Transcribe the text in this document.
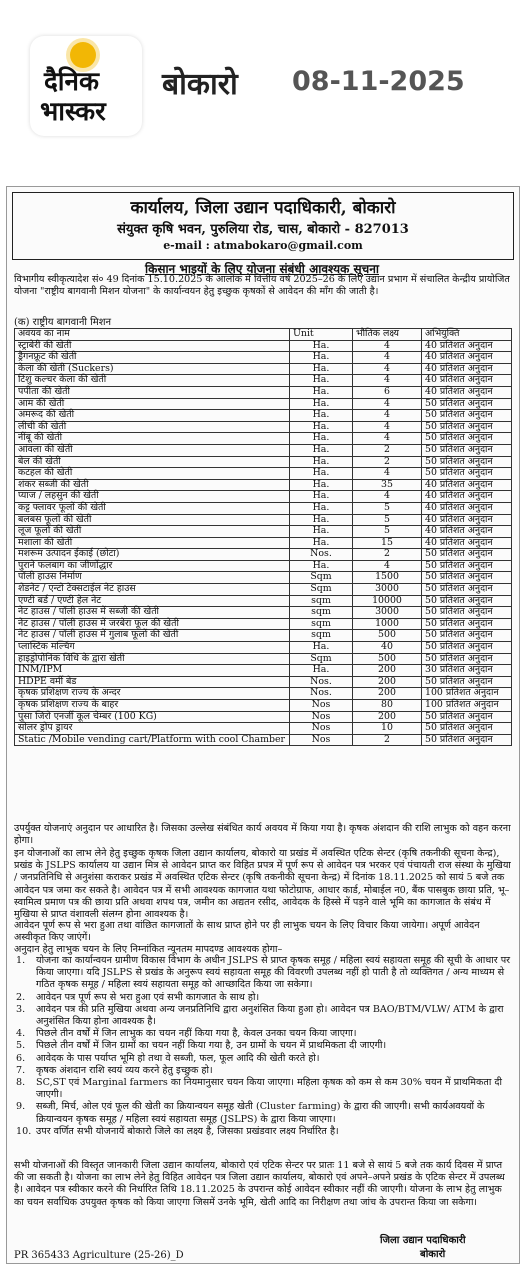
दैनिक
भास्कर
बोकारो 08-11-2025
कार्यालय, जिला उद्यान पदाधिकारी, बोकारो
संयुक्त कृषि भवन, पुरुलिया रोड, चास, बोकारो - 827013
e-mail : atmabokaro@gmail.com
किसान भाइयों के लिए योजना संबंधी आवश्यक सूचना
विभागीय स्वीकृत्यादेश सं० 49 दिनांक 15.10.2025 के आलोक में वित्तीय वर्ष 2025–26 के लिए उद्यान प्रभाग में संचालित केन्द्रीय प्रायोजित योजना "राष्ट्रीय बागवानी मिशन योजना" के कार्यान्वयन हेतु इच्छुक कृषकों से आवेदन की माँग की जाती है।
(क) राष्ट्रीय बागवानी मिशन
अवयव का नाम	Unit	भौतिक लक्ष्य	अभियुक्ति
स्ट्राबेरी की खेती	Ha.	4	40 प्रतिशत अनुदान
ड्रैगनफ्रूट की खेती	Ha.	4	40 प्रतिशत अनुदान
केला की खेती (Suckers)	Ha.	4	40 प्रतिशत अनुदान
टिशु कल्चर केला की खेती	Ha.	4	40 प्रतिशत अनुदान
पपीता की खेती	Ha.	6	40 प्रतिशत अनुदान
आम की खेती	Ha.	4	50 प्रतिशत अनुदान
अमरूद की खेती	Ha.	4	50 प्रतिशत अनुदान
लीची की खेती	Ha.	4	50 प्रतिशत अनुदान
नींबू की खेती	Ha.	4	50 प्रतिशत अनुदान
आंवला की खेती	Ha.	2	50 प्रतिशत अनुदान
बेल की खेती	Ha.	2	50 प्रतिशत अनुदान
कटहल की खेती	Ha.	4	50 प्रतिशत अनुदान
शंकर सब्जी की खेती	Ha.	35	40 प्रतिशत अनुदान
प्याज / लहसुन की खेती	Ha.	4	40 प्रतिशत अनुदान
कट्ट फ्लावर फूलों की खेती	Ha.	5	40 प्रतिशत अनुदान
बलबस फूलों की खेती	Ha.	5	40 प्रतिशत अनुदान
लूज फूलों की खेती	Ha.	5	40 प्रतिशत अनुदान
मशाला की खेती	Ha.	15	40 प्रतिशत अनुदान
मशरूम उत्पादन ईकाई (छोटा)	Nos.	2	50 प्रतिशत अनुदान
पुराने फलबाग का जीर्णोद्धार	Ha.	4	50 प्रतिशत अनुदान
पॉली हाउस निर्माण	Sqm	1500	50 प्रतिशत अनुदान
शेडनेट / एन्टो टेक्सटाईल नेट हाउस	Sqm	3000	50 प्रतिशत अनुदान
एण्टी बर्ड / एण्टी हेल नेट	sqm	10000	50 प्रतिशत अनुदान
नेट हाउस / पॉली हाउस में सब्जी की खेती	sqm	3000	50 प्रतिशत अनुदान
नेट हाउस / पॉली हाउस में जरबेरा फूल की खेती	sqm	1000	50 प्रतिशत अनुदान
नेट हाउस / पॉली हाउस में गुलाब फूलों की खेती	sqm	500	50 प्रतिशत अनुदान
प्लास्टिक मल्चिंग	Ha.	40	50 प्रतिशत अनुदान
हाइड्रोपोनिक विधि के द्वारा खेती	Sqm	500	50 प्रतिशत अनुदान
INM/IPM	Ha.	200	30 प्रतिशत अनुदान
HDPE वर्मी बेड	Nos.	200	50 प्रतिशत अनुदान
कृषक प्रशिक्षण राज्य के अन्दर	Nos.	200	100 प्रतिशत अनुदान
कृषक प्रशिक्षण राज्य के बाहर	Nos	80	100 प्रतिशत अनुदान
पुसा जिरो एनर्जी कूल चेम्बर (100 KG)	Nos	200	50 प्रतिशत अनुदान
सोलर ड्रोप ड्रायर	Nos	10	50 प्रतिशत अनुदान
Static /Mobile vending cart/Platform with cool Chamber	Nos	2	50 प्रतिशत अनुदान
उपर्युक्त योजनाएं अनुदान पर आधारित है। जिसका उल्लेख संबंधित कार्य अवयव में किया गया है। कृषक अंशदान की राशि लाभुक को वहन करना होगा।
इन योजनाओं का लाभ लेने हेतु इच्छुक कृषक जिला उद्यान कार्यालय, बोकारो या प्रखंड में अवस्थित एटिक सेन्टर (कृषि तकनीकी सूचना केन्द्र), प्रखंड के JSLPS कार्यालय या उद्यान मित्र से आवेदन प्राप्त कर विहित प्रपत्र में पूर्ण रूप से आवेदन पत्र भरकर एवं पंचायती राज संस्था के मुखिया / जनप्रतिनिधि से अनुशंसा कराकर प्रखंड में अवस्थित एटिक सेन्टर (कृषि तकनीकी सूचना केन्द्र) में दिनांक 18.11.2025 को सायं 5 बजे तक आवेदन पत्र जमा कर सकते है। आवेदन पत्र में सभी आवश्यक कागजात यथा फोटोग्राफ, आधार कार्ड, मोबाईल न0, बैंक पासबुक छाया प्रति, भू– स्वामित्व प्रमाण पत्र की छाया प्रति अथवा शपथ पत्र, जमीन का अद्यतन रसीद, आवेदक के हिस्से में पड़ने वाले भूमि का कागजात के संबंध में मुखिया से प्राप्त वंशावली संलग्न होना आवश्यक है।
आवेदन पूर्ण रूप से भरा हुआ तथा वांछित कागजातों के साथ प्राप्त होने पर ही लाभुक चयन के लिए विचार किया जायेगा। अपूर्ण आवेदन अस्वीकृत किए जाएंगें।
अनुदान हेतु लाभुक चयन के लिए निम्नांकित न्यूनतम मापदण्ड आवश्यक होगा–
1. योजना का कार्यान्वयन ग्रामीण विकास विभाग के अधीन JSLPS से प्राप्त कृषक समूह / महिला स्वयं सहायता समूह की सूची के आधार पर किया जाएगा। यदि JSLPS से प्रखंड के अनुरूप स्वयं सहायता समूह की विवरणी उपलब्ध नहीं हो पाती है तो व्यक्तिगत / अन्य माध्यम से गठित कृषक समूह / महिला स्वयं सहायता समूह को आच्छादित किया जा सकेगा।
2. आवेदन पत्र पूर्ण रूप से भरा हुआ एवं सभी कागजात के साथ हो।
3. आवेदन पत्र की प्रति मुखिया अथवा अन्य जनप्रतिनिधि द्वारा अनुशंसित किया हुआ हो। आवेदन पत्र BAO/BTM/VLW/ ATM के द्वारा अनुशंसित किया होना आवश्यक है।
4. पिछले तीन वर्षों में जिन लाभुक का चयन नहीं किया गया है, केवल उनका चयन किया जाएगा।
5. पिछले तीन वर्षों में जिन ग्रामों का चयन नहीं किया गया है, उन ग्रामों के चयन में प्राथमिकता दी जाएगी।
6. आवेदक के पास पर्याप्त भूमि हो तथा वे सब्जी, फल, फूल आदि की खेती करते हो।
7. कृषक अंशदान राशि स्वयं व्यय करने हेतु इच्छुक हो।
8. SC,ST एवं Marginal farmers का नियमानुसार चयन किया जाएगा। महिला कृषक को कम से कम 30% चयन में प्राथमिकता दी जाएगी।
9. सब्जी, मिर्च, ओल एवं फूल की खेती का क्रियान्वयन समूह खेती (Cluster farming) के द्वारा की जाएगी। सभी कार्यअवयवों के क्रियान्वयन कृषक समूह / महिला स्वयं सहायता समूह (JSLPS) के द्वारा किया जाएगा।
10. उपर वर्णित सभी योजनायें बोकारो जिले का लक्ष्य है, जिसका प्रखंडवार लक्ष्य निर्धारित है।
सभी योजनाओं की विस्तृत जानकारी जिला उद्यान कार्यालय, बोकारो एवं एटिक सेन्टर पर प्रातः 11 बजे से सायं 5 बजे तक कार्य दिवस में प्राप्त की जा सकती है। योजना का लाभ लेने हेतु विहित आवेदन पत्र जिला उद्यान कार्यालय, बोकारो एवं अपने–अपने प्रखंड के एटिक सेन्टर में उपलब्ध है। आवेदन पत्र स्वीकार करने की निर्धारित तिथि 18.11.2025 के उपरान्त कोई आवेदन स्वीकार नहीं की जाएगी। योजना के लाभ हेतु लाभुक का चयन सर्वाधिक उपयुक्त कृषक को किया जाएगा जिसमें उनके भूमि, खेती आदि का निरीक्षण तथा जांच के उपरान्त किया जा सकेगा।
जिला उद्यान पदाधिकारी
बोकारो
PR 365433 Agriculture (25-26)_D
